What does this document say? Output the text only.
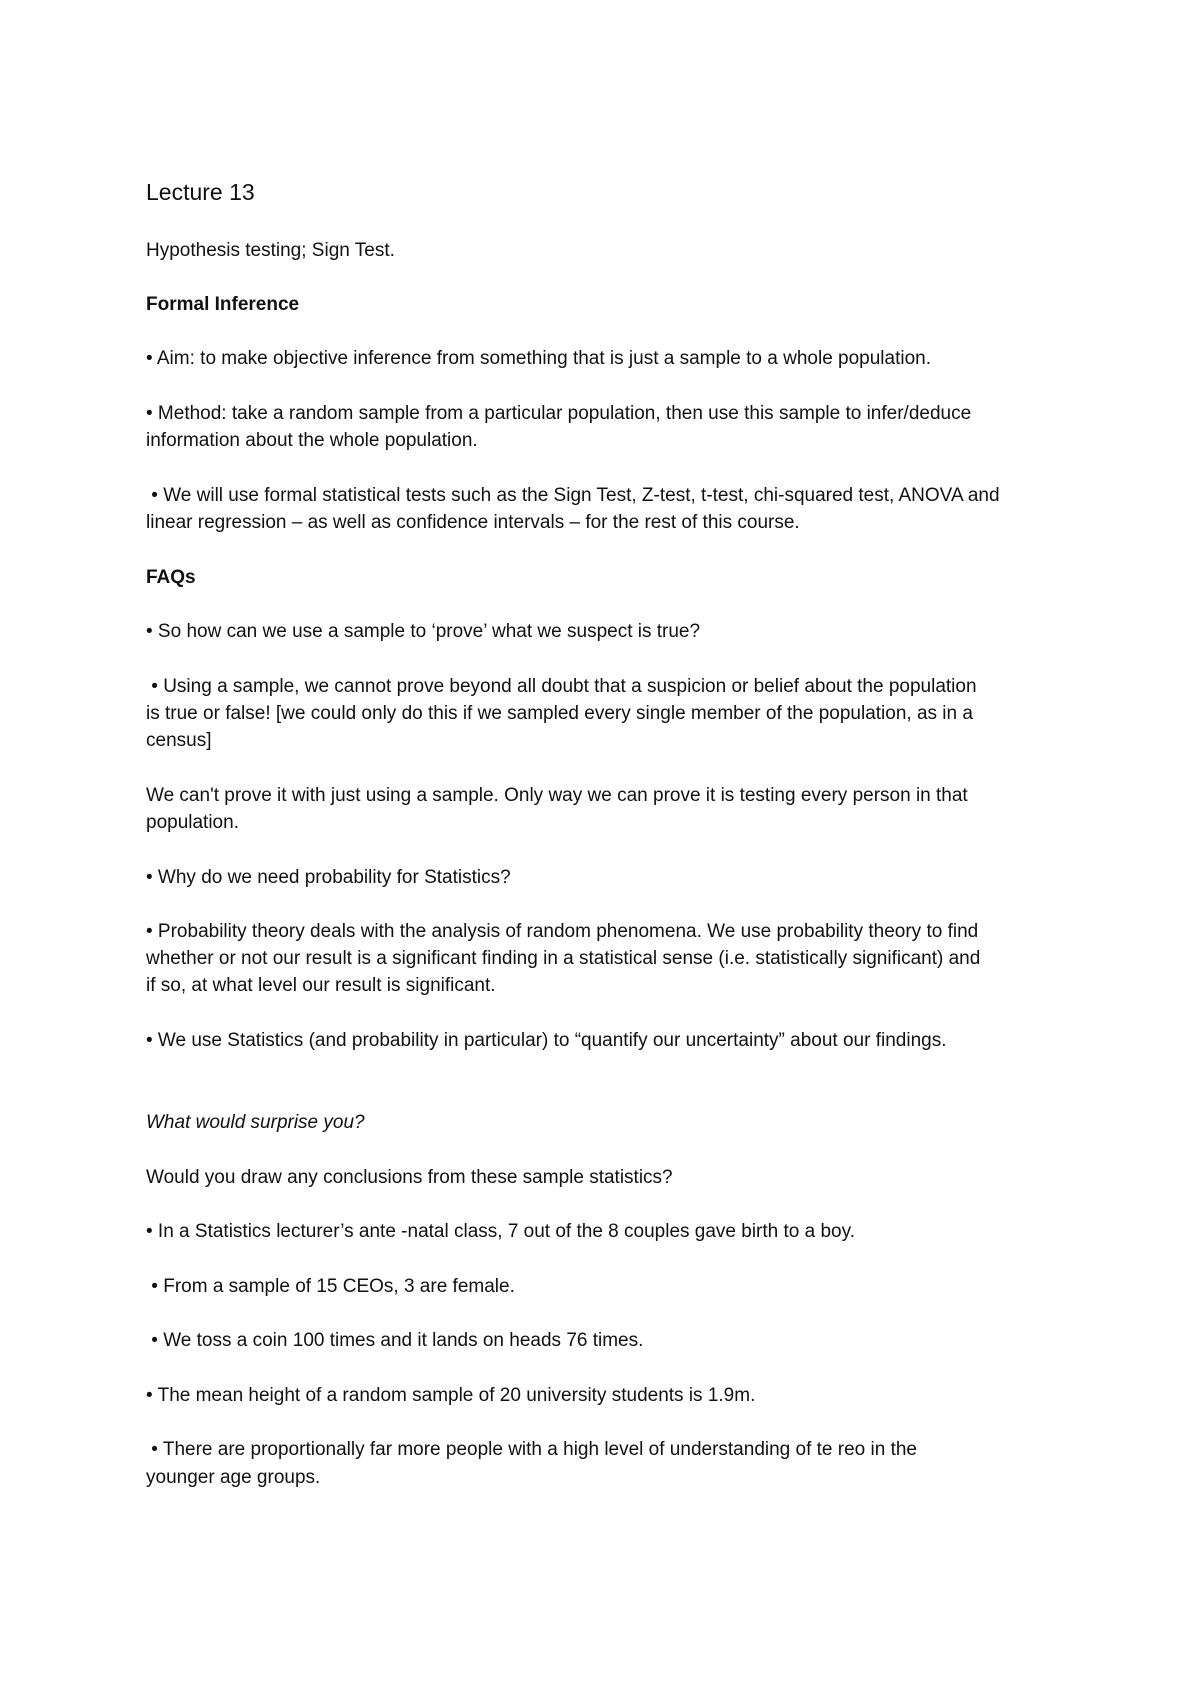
Lecture 13

Hypothesis testing; Sign Test.

Formal Inference

• Aim: to make objective inference from something that is just a sample to a whole population.

• Method: take a random sample from a particular population, then use this sample to infer/deduce

information about the whole population.

• We will use formal statistical tests such as the Sign Test, Z-test, t-test, chi-squared test, ANOVA and

linear regression – as well as confidence intervals – for the rest of this course.

FAQs

• So how can we use a sample to ‘prove’ what we suspect is true?

• Using a sample, we cannot prove beyond all doubt that a suspicion or belief about the population

is true or false! [we could only do this if we sampled every single member of the population, as in a

census]

We can't prove it with just using a sample. Only way we can prove it is testing every person in that

population.

• Why do we need probability for Statistics?

• Probability theory deals with the analysis of random phenomena. We use probability theory to find

whether or not our result is a significant finding in a statistical sense (i.e. statistically significant) and

if so, at what level our result is significant.

• We use Statistics (and probability in particular) to “quantify our uncertainty” about our findings.

What would surprise you?

Would you draw any conclusions from these sample statistics?

• In a Statistics lecturer’s ante -natal class, 7 out of the 8 couples gave birth to a boy.

• From a sample of 15 CEOs, 3 are female.

• We toss a coin 100 times and it lands on heads 76 times.

• The mean height of a random sample of 20 university students is 1.9m.

• There are proportionally far more people with a high level of understanding of te reo in the

younger age groups.
